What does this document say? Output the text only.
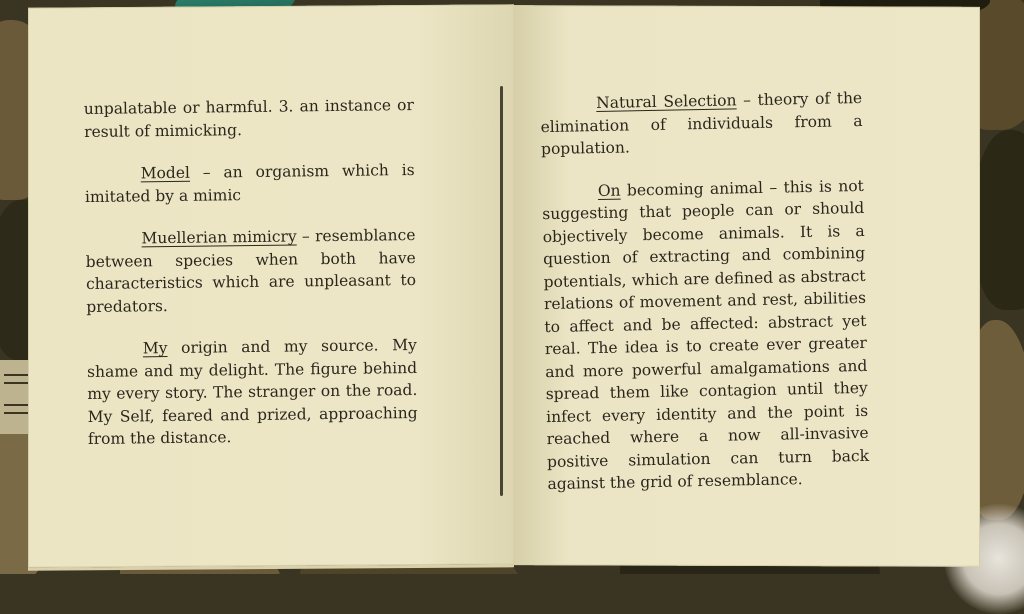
unpalatable or harmful. 3. an instance or result of mimicking.

Model – an organism which is imitated by a mimic

Muellerian mimicry – resemblance between species when both have characteristics which are unpleasant to predators.

My origin and my source. My shame and my delight. The figure behind my every story. The stranger on the road. My Self, feared and prized, approaching from the distance.

Natural Selection – theory of the elimination of individuals from a population.

On becoming animal – this is not suggesting that people can or should objectively become animals. It is a question of extracting and combining potentials, which are defined as abstract relations of movement and rest, abilities to affect and be affected: abstract yet real. The idea is to create ever greater and more powerful amalgamations and spread them like contagion until they infect every identity and the point is reached where a now all-invasive positive simulation can turn back against the grid of resemblance.
